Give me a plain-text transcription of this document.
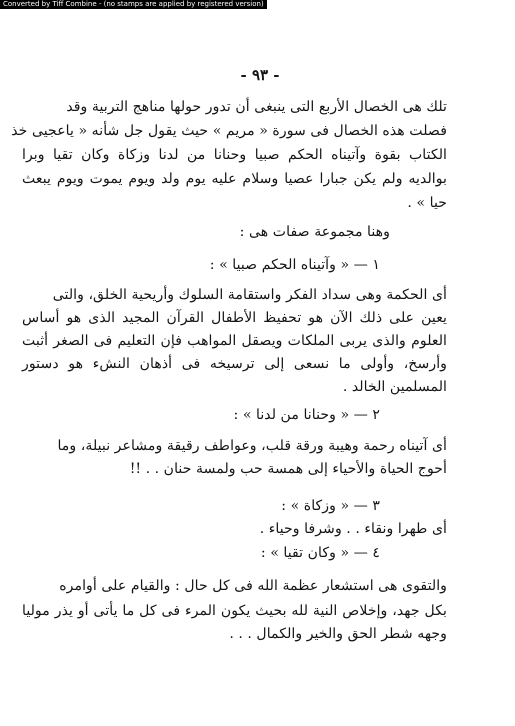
Converted by Tiff Combine - (no stamps are applied by registered version)
- ٩٣ -
تلك هى الخصال الأربع التى ينبغى أن تدور حولها مناهج التربية وقد
فصلت هذه الخصال فى سورة « مريم » حيث يقول جل شأنه « ياعجيى خذ
الكتاب بقوة وآتيناه الحكم صبيا وحنانا من لدنا وزكاة وكان تقيا وبرا
بوالديه ولم يكن جبارا عصيا وسلام عليه يوم ولد ويوم يموت ويوم يبعث
حيا » .
وهنا مجموعة صفات هى :
١ — « وآتيناه الحكم صبيا » :
أى الحكمة وهى سداد الفكر واستقامة السلوك وأريحية الخلق، والتى
يعين على ذلك الآن هو تحفيظ الأطفال القرآن المجيد الذى هو أساس
العلوم والذى يربى الملكات ويصقل المواهب فإن التعليم فى الصغر أثبت
وأرسخ، وأولى ما نسعى إلى ترسيخه فى أذهان النشء هو دستور
المسلمين الخالد .
٢ — « وحنانا من لدنا » :
أى آتيناه رحمة وهيبة ورقة قلب، وعواطف رقيقة ومشاعر نبيلة، وما
أحوج الحياة والأحياء إلى همسة حب ولمسة حنان . . !!
٣ — « وزكاة » :
أى طهرا ونقاء . . وشرفا وحياء .
٤ — « وكان تقيا » :
والتقوى هى استشعار عظمة الله فى كل حال : والقيام على أوامره
بكل جهد، وإخلاص النية لله بحيث يكون المرء فى كل ما يأتى أو يذر موليا
وجهه شطر الحق والخير والكمال . . .
